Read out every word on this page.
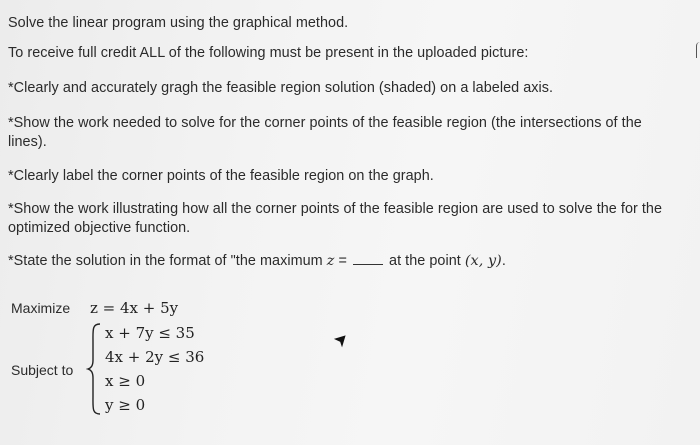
Solve the linear program using the graphical method.
To receive full credit ALL of the following must be present in the uploaded picture:
*Clearly and accurately gragh the feasible region solution (shaded) on a labeled axis.
*Show the work needed to solve for the corner points of the feasible region (the intersections of the lines).
*Clearly label the corner points of the feasible region on the graph.
*Show the work illustrating how all the corner points of the feasible region are used to solve the for the optimized objective function.
*State the solution in the format of "the maximum z =  at the point (x, y).
Maximize z = 4x + 5y
Subject to
x + 7y ≤ 35
4x + 2y ≤ 36
x ≥ 0
y ≥ 0
